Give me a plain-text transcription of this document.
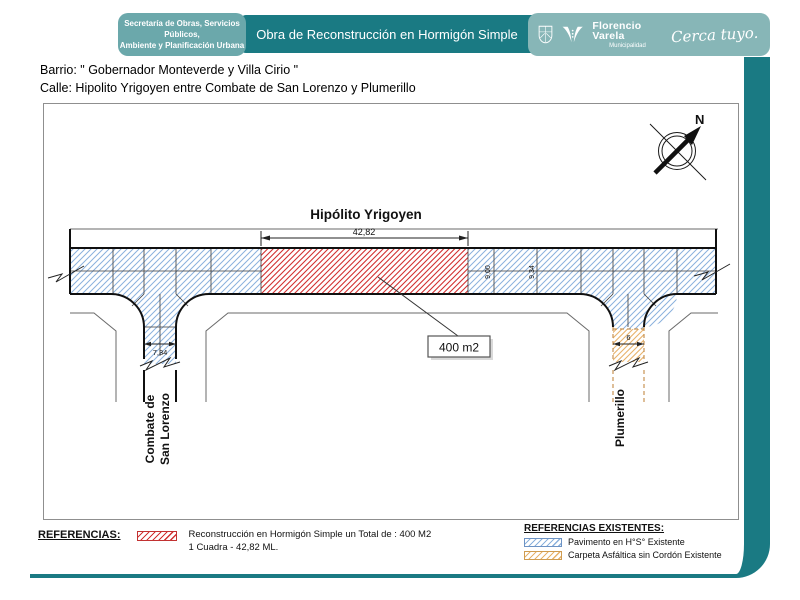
Secretaría de Obras, Servicios Públicos,
Ambiente y Planificación Urbana
Obra de Reconstrucción en Hormigón Simple
Florencio Varela
Municipalidad Cerca tuyo.
Barrio: " Gobernador Monteverde y Villa Cirio "
Calle: Hipolito Yrigoyen entre Combate de San Lorenzo y Plumerillo
42,82
7,34
6
9,00	9,34
400 m2
Hipólito Yrigoyen
Combate de San Lorenzo	Plumerillo
N
REFERENCIAS:	Reconstrucción en Hormigón Simple un Total de : 400 M2
1 Cuadra - 42,82 ML.
REFERENCIAS EXISTENTES:
Pavimento en H°S° Existente
Carpeta Asfáltica sin Cordón Existente
